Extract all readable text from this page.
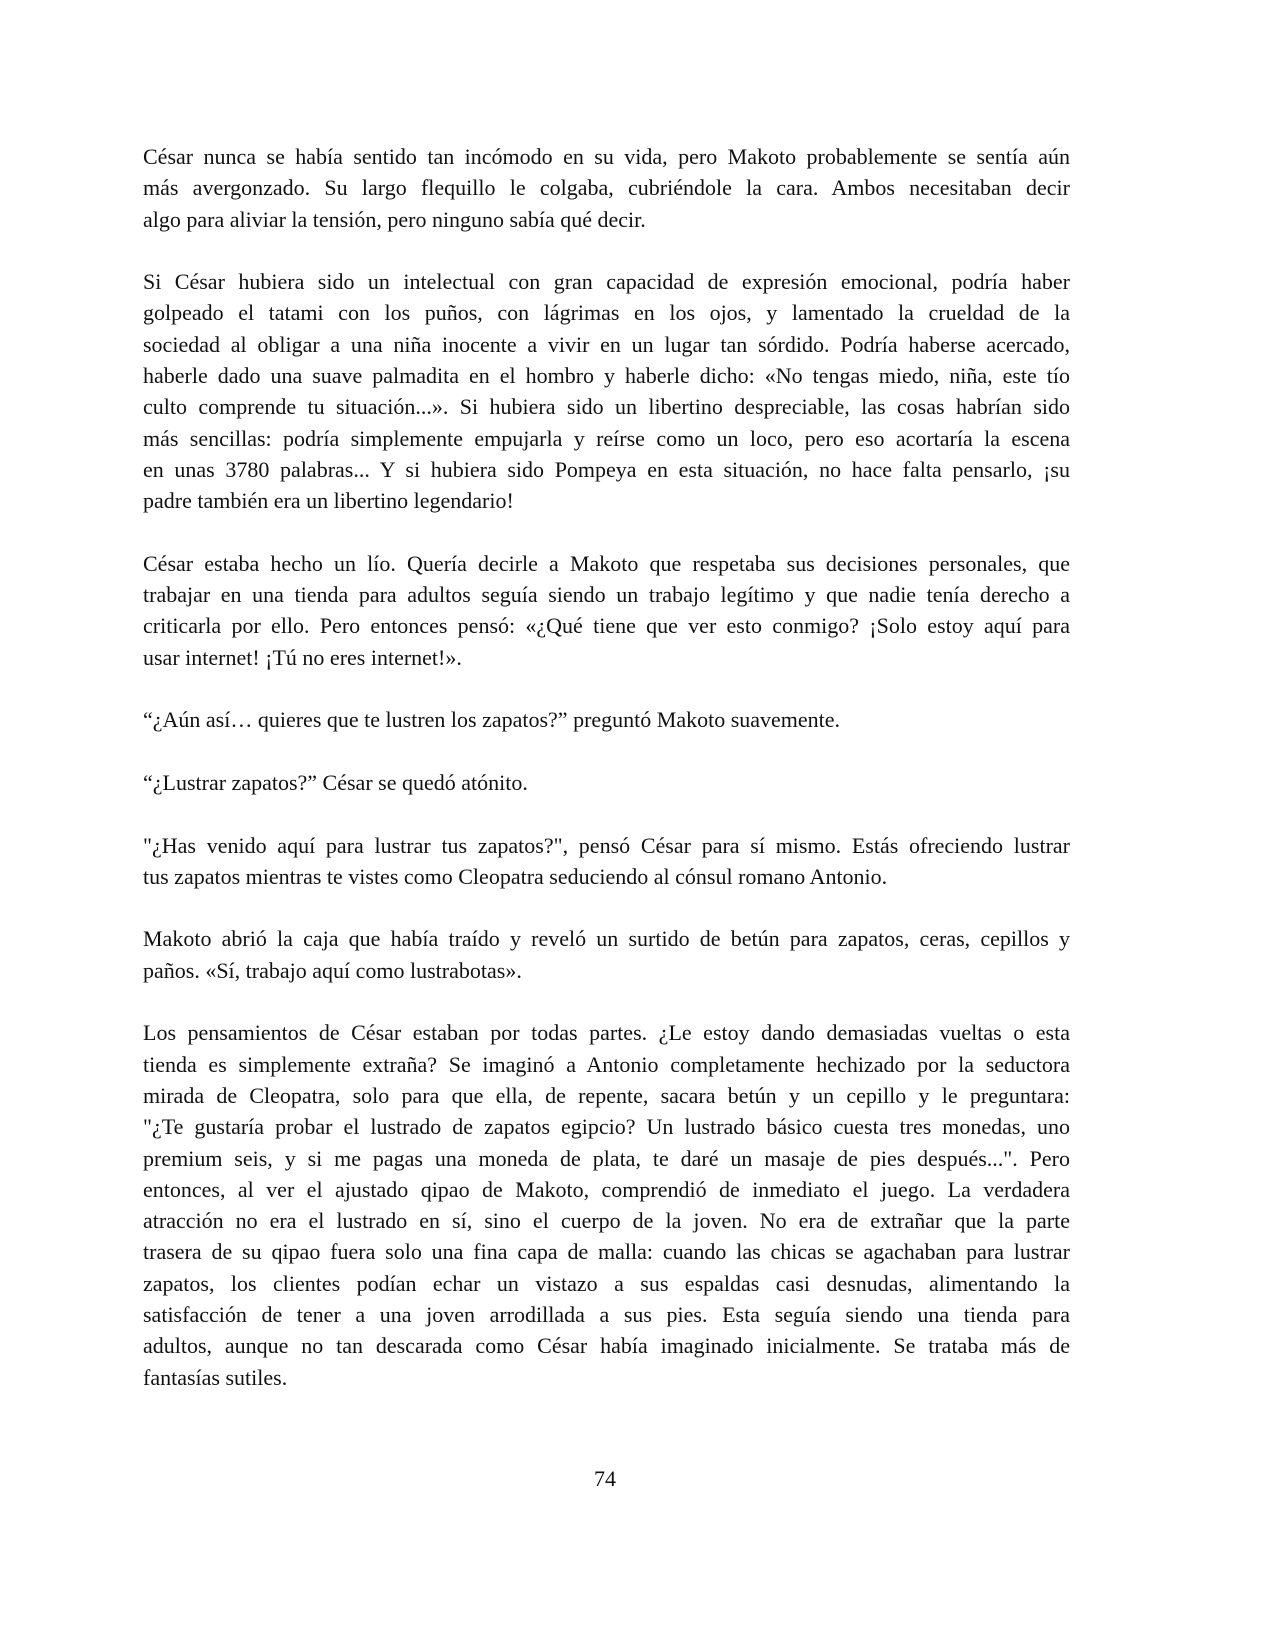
César nunca se había sentido tan incómodo en su vida, pero Makoto probablemente se sentía aún
más avergonzado. Su largo flequillo le colgaba, cubriéndole la cara. Ambos necesitaban decir
algo para aliviar la tensión, pero ninguno sabía qué decir.

Si César hubiera sido un intelectual con gran capacidad de expresión emocional, podría haber
golpeado el tatami con los puños, con lágrimas en los ojos, y lamentado la crueldad de la
sociedad al obligar a una niña inocente a vivir en un lugar tan sórdido. Podría haberse acercado,
haberle dado una suave palmadita en el hombro y haberle dicho: «No tengas miedo, niña, este tío
culto comprende tu situación...». Si hubiera sido un libertino despreciable, las cosas habrían sido
más sencillas: podría simplemente empujarla y reírse como un loco, pero eso acortaría la escena
en unas 3780 palabras... Y si hubiera sido Pompeya en esta situación, no hace falta pensarlo, ¡su
padre también era un libertino legendario!

César estaba hecho un lío. Quería decirle a Makoto que respetaba sus decisiones personales, que
trabajar en una tienda para adultos seguía siendo un trabajo legítimo y que nadie tenía derecho a
criticarla por ello. Pero entonces pensó: «¿Qué tiene que ver esto conmigo? ¡Solo estoy aquí para
usar internet! ¡Tú no eres internet!».

“¿Aún así… quieres que te lustren los zapatos?” preguntó Makoto suavemente.

“¿Lustrar zapatos?” César se quedó atónito.

"¿Has venido aquí para lustrar tus zapatos?", pensó César para sí mismo. Estás ofreciendo lustrar
tus zapatos mientras te vistes como Cleopatra seduciendo al cónsul romano Antonio.

Makoto abrió la caja que había traído y reveló un surtido de betún para zapatos, ceras, cepillos y
paños. «Sí, trabajo aquí como lustrabotas».

Los pensamientos de César estaban por todas partes. ¿Le estoy dando demasiadas vueltas o esta
tienda es simplemente extraña? Se imaginó a Antonio completamente hechizado por la seductora
mirada de Cleopatra, solo para que ella, de repente, sacara betún y un cepillo y le preguntara:
"¿Te gustaría probar el lustrado de zapatos egipcio? Un lustrado básico cuesta tres monedas, uno
premium seis, y si me pagas una moneda de plata, te daré un masaje de pies después...". Pero
entonces, al ver el ajustado qipao de Makoto, comprendió de inmediato el juego. La verdadera
atracción no era el lustrado en sí, sino el cuerpo de la joven. No era de extrañar que la parte
trasera de su qipao fuera solo una fina capa de malla: cuando las chicas se agachaban para lustrar
zapatos, los clientes podían echar un vistazo a sus espaldas casi desnudas, alimentando la
satisfacción de tener a una joven arrodillada a sus pies. Esta seguía siendo una tienda para
adultos, aunque no tan descarada como César había imaginado inicialmente. Se trataba más de
fantasías sutiles.

74
